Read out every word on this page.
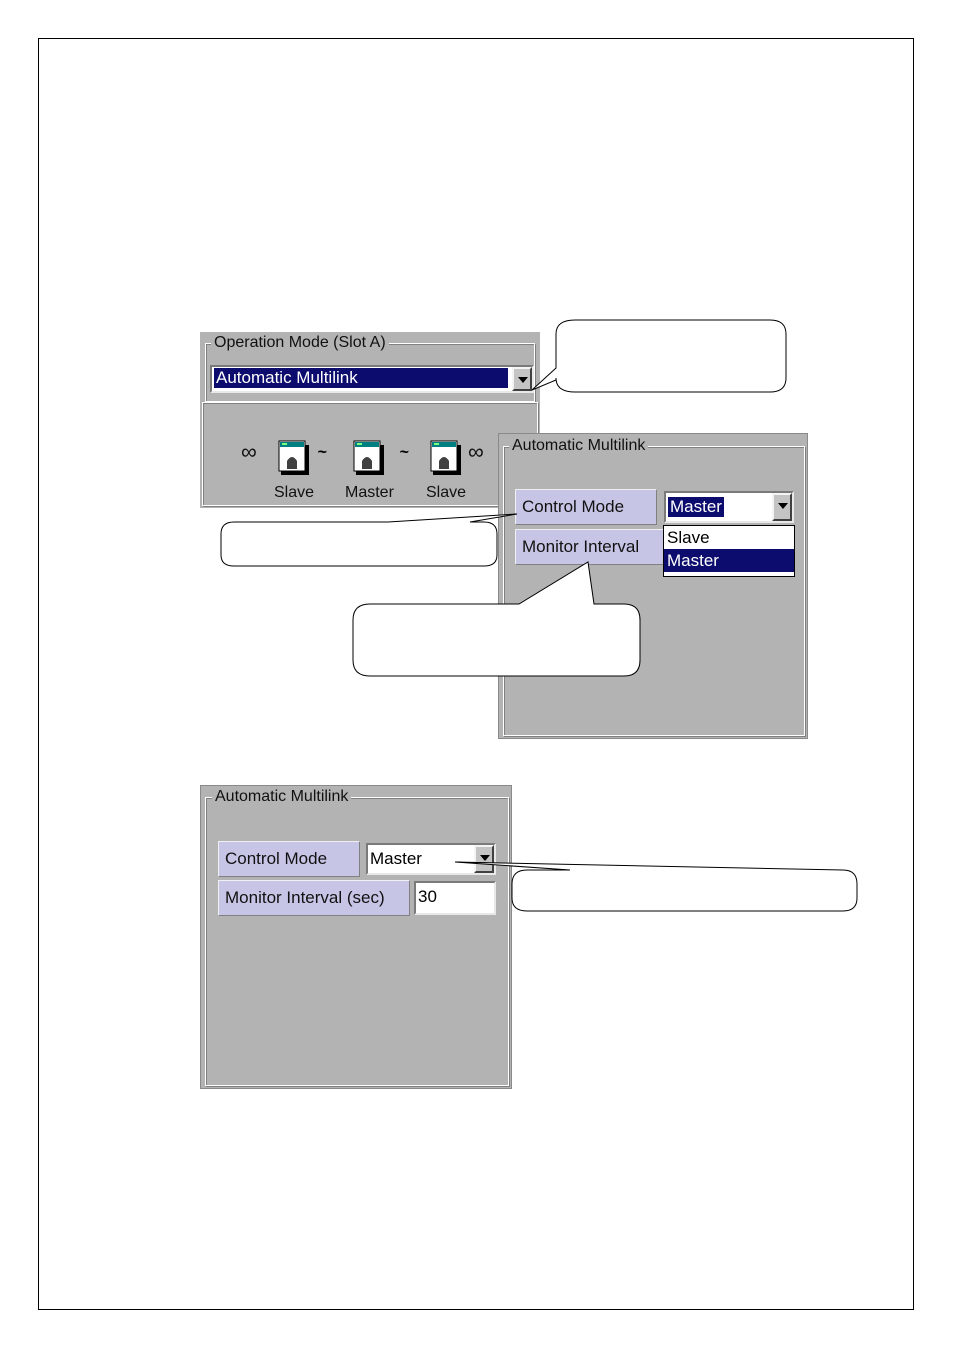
Operation Mode (Slot A)
Automatic Multilink
∞	~	~	∞
Slave Master Slave
Automatic Multilink
Control Mode	Master
Monitor Interval	Slave
Master
Automatic Multilink
Control Mode	Master
Monitor Interval (sec)	30
